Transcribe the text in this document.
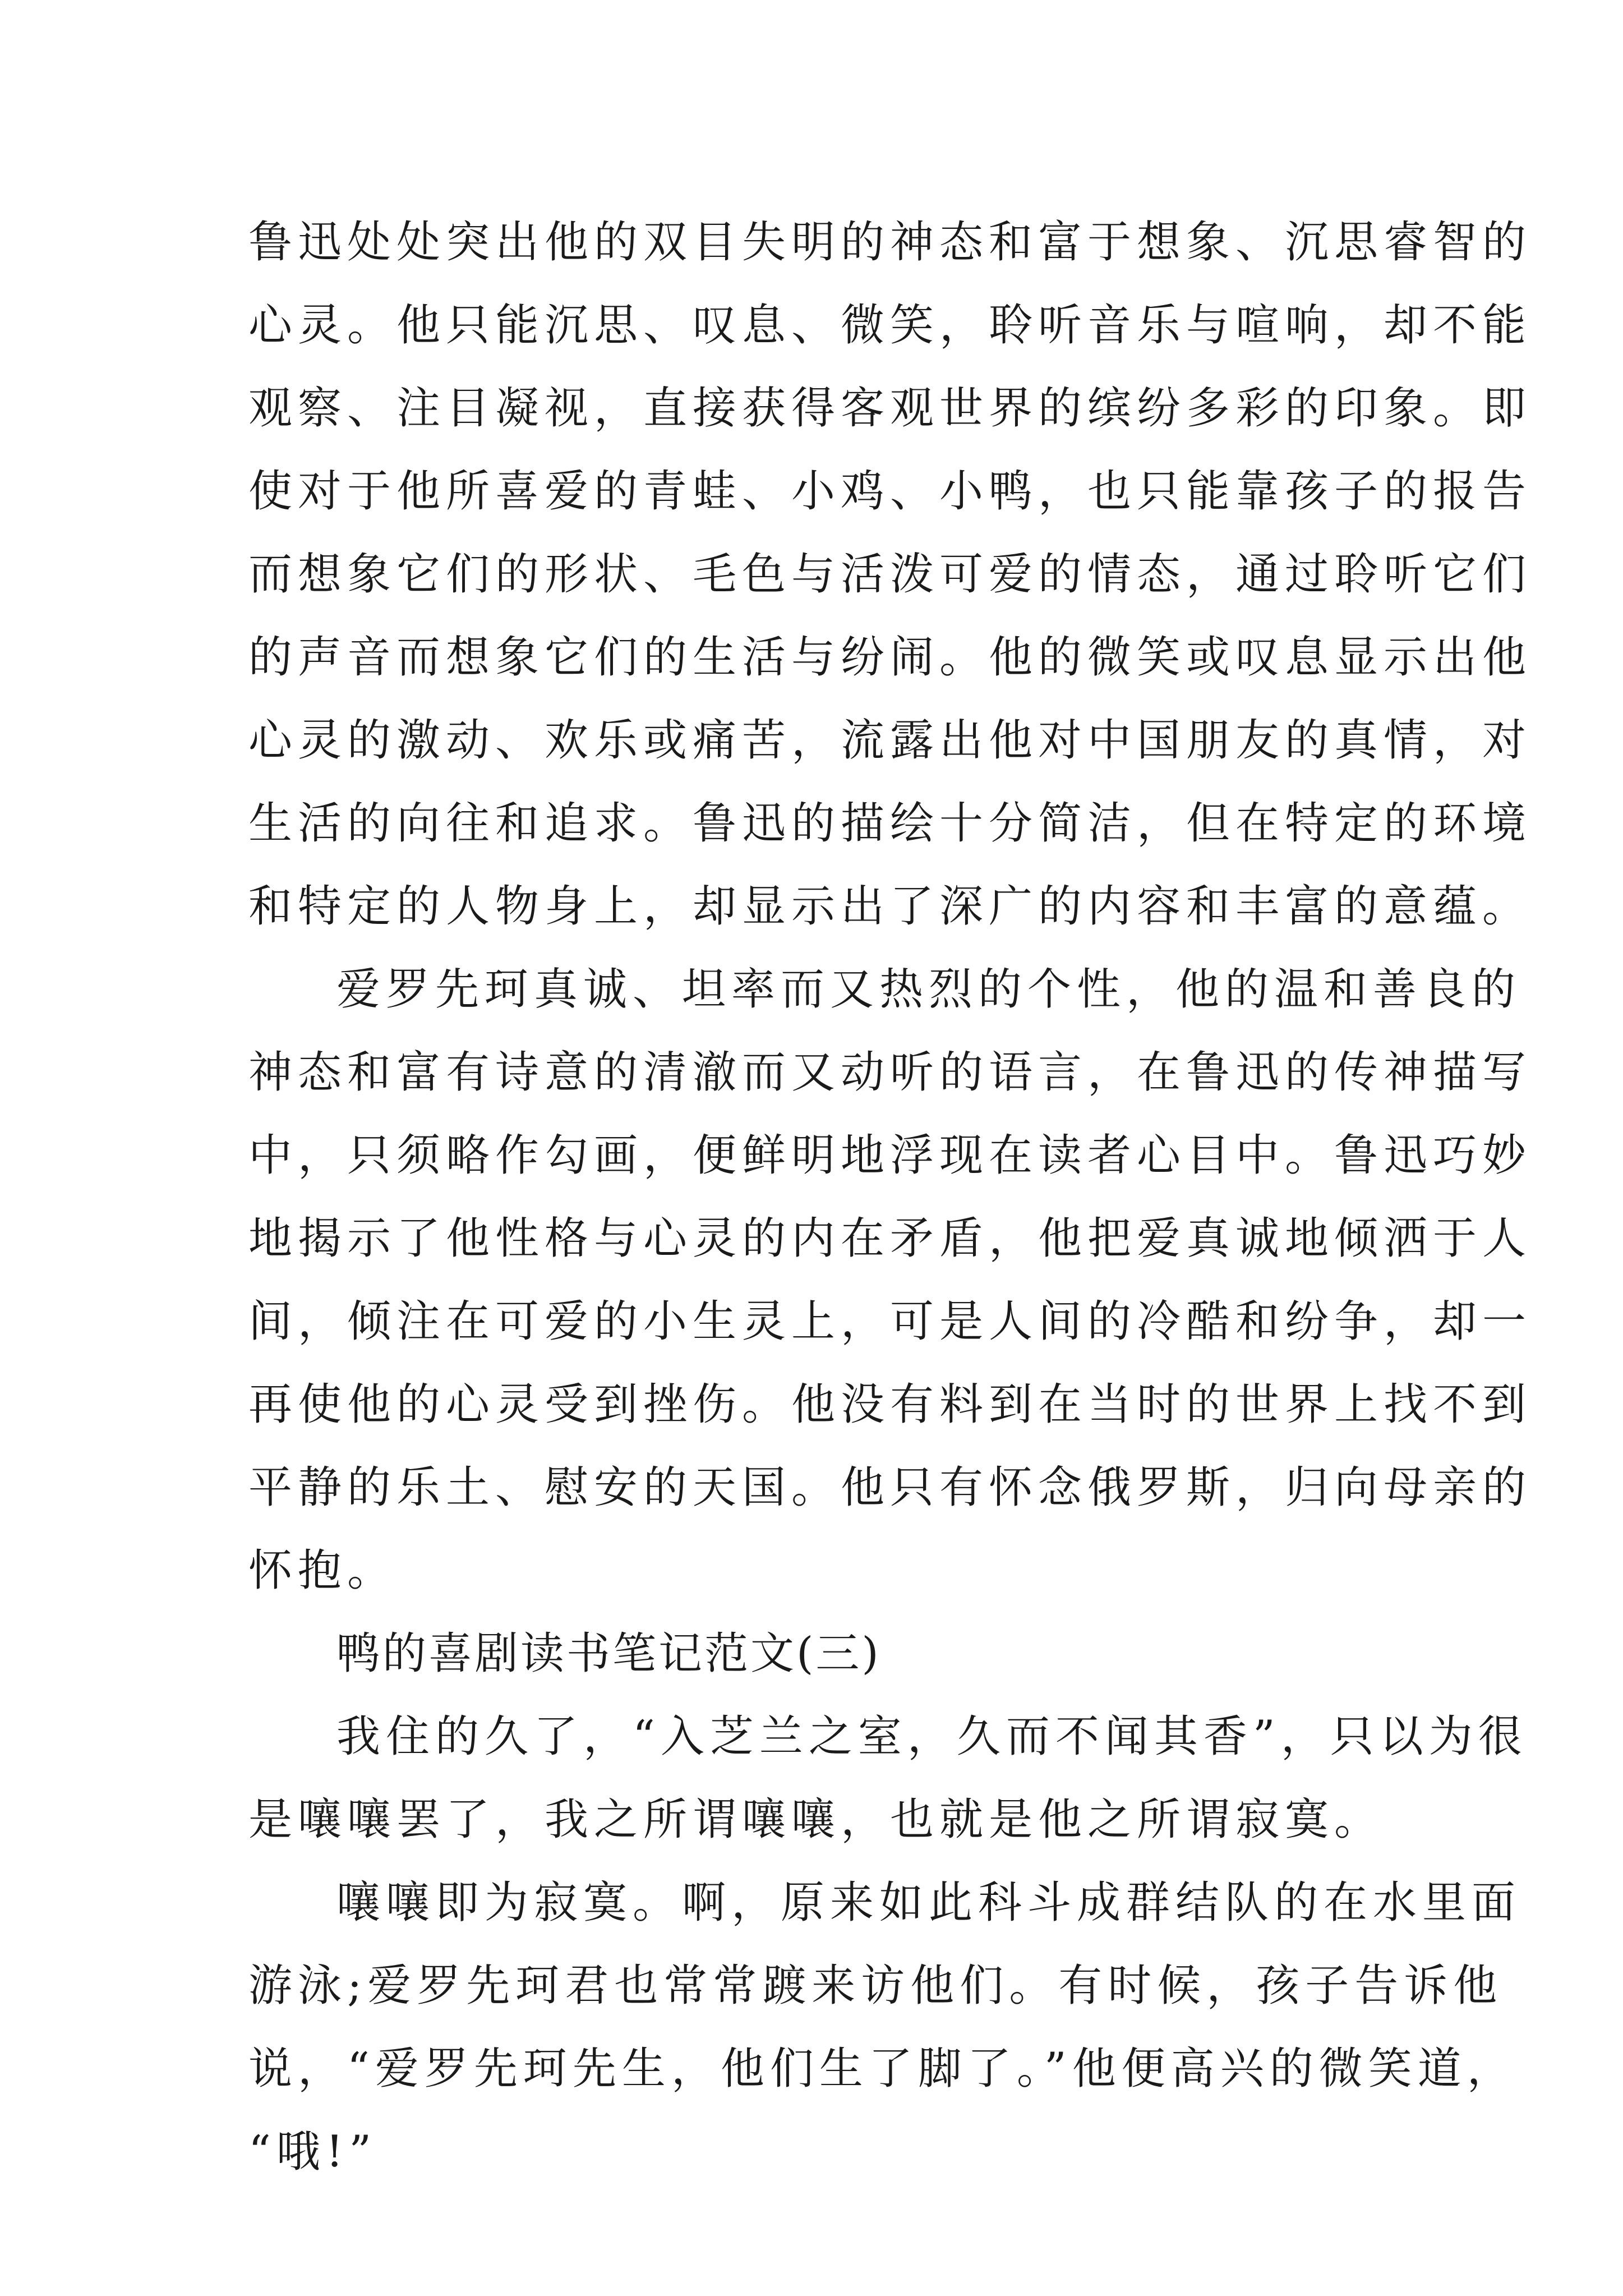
鲁迅处处突出他的双目失明的神态和富于想象、沉思睿智的
心灵。他只能沉思、叹息、微笑，聆听音乐与喧响，却不能
观察、注目凝视，直接获得客观世界的缤纷多彩的印象。即
使对于他所喜爱的青蛙、小鸡、小鸭，也只能靠孩子的报告
而想象它们的形状、毛色与活泼可爱的情态，通过聆听它们
的声音而想象它们的生活与纷闹。他的微笑或叹息显示出他
心灵的激动、欢乐或痛苦，流露出他对中国朋友的真情，对
生活的向往和追求。鲁迅的描绘十分简洁，但在特定的环境
和特定的人物身上，却显示出了深广的内容和丰富的意蕴。
爱罗先珂真诚、坦率而又热烈的个性，他的温和善良的
神态和富有诗意的清澈而又动听的语言，在鲁迅的传神描写
中，只须略作勾画，便鲜明地浮现在读者心目中。鲁迅巧妙
地揭示了他性格与心灵的内在矛盾，他把爱真诚地倾洒于人
间，倾注在可爱的小生灵上，可是人间的冷酷和纷争，却一
再使他的心灵受到挫伤。他没有料到在当时的世界上找不到
平静的乐土、慰安的天国。他只有怀念俄罗斯，归向母亲的
怀抱。
鸭的喜剧读书笔记范文(三)
我住的久了，“入芝兰之室，久而不闻其香”，只以为很
是嚷嚷罢了，我之所谓嚷嚷，也就是他之所谓寂寞。
嚷嚷即为寂寞。啊，原来如此科斗成群结队的在水里面
游泳;爱罗先珂君也常常踱来访他们。有时候，孩子告诉他
说，“爱罗先珂先生，他们生了脚了。”他便高兴的微笑道，
“哦!”
